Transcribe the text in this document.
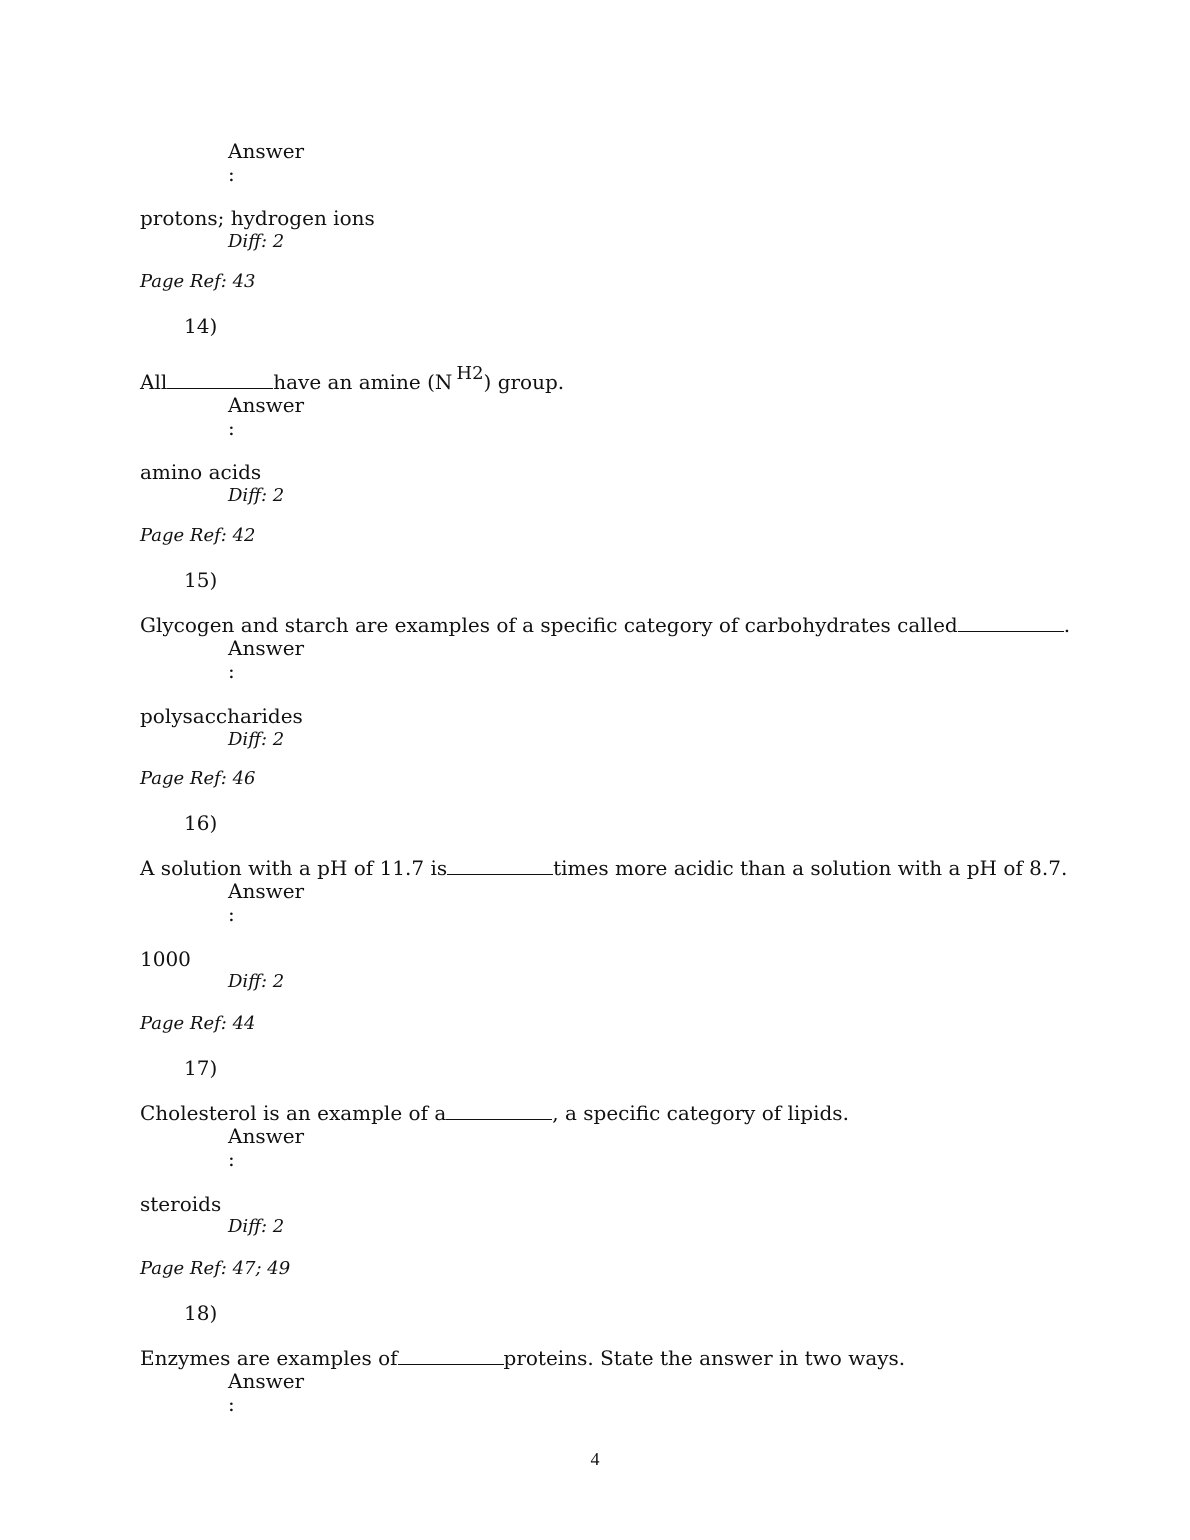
Answer
:
protons; hydrogen ions
Diff: 2
Page Ref: 43
14)
All	have an amine (N H2) group.
Answer
:
amino acids
Diff: 2
Page Ref: 42
15)
Glycogen and starch are examples of a specific category of carbohydrates called	.
Answer
:
polysaccharides
Diff: 2
Page Ref: 46
16)
A solution with a pH of 11.7 is	times more acidic than a solution with a pH of 8.7.
Answer
:
1000
Diff: 2
Page Ref: 44
17)
Cholesterol is an example of a	, a specific category of lipids.
Answer
:
steroids
Diff: 2
Page Ref: 47; 49
18)
Enzymes are examples of	proteins. State the answer in two ways.
Answer
:
4
